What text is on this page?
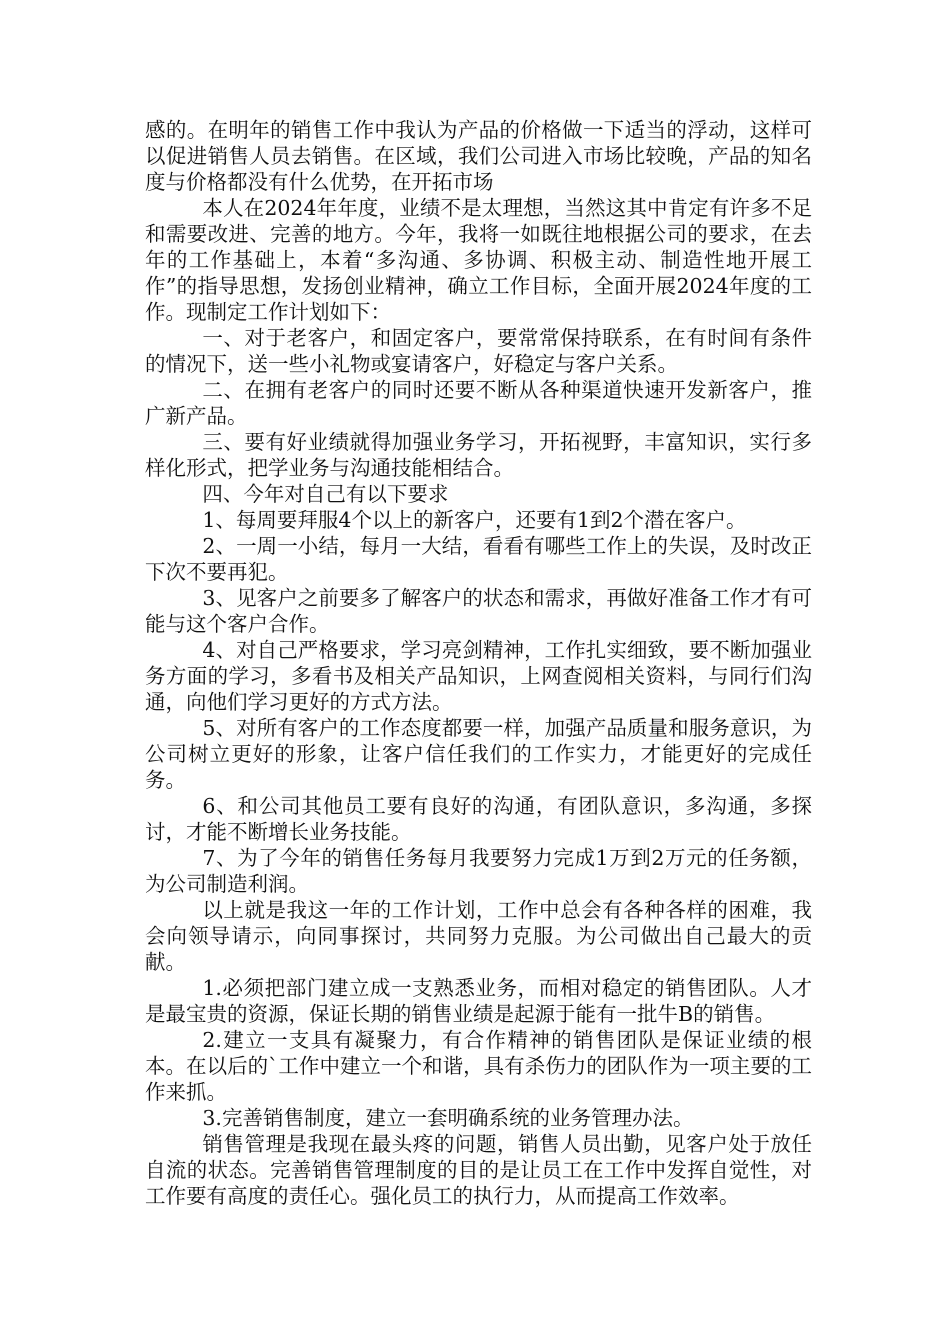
感的。在明年的销售工作中我认为产品的价格做一下适当的浮动，这样可以促进销售人员去销售。在区域，我们公司进入市场比较晚，产品的知名度与价格都没有什么优势，在开拓市场

本人在2024年年度，业绩不是太理想，当然这其中肯定有许多不足和需要改进、完善的地方。今年，我将一如既往地根据公司的要求，在去年的工作基础上，本着“多沟通、多协调、积极主动、制造性地开展工作”的指导思想，发扬创业精神，确立工作目标，全面开展2024年度的工作。现制定工作计划如下：

一、对于老客户，和固定客户，要常常保持联系，在有时间有条件的情况下，送一些小礼物或宴请客户，好稳定与客户关系。

二、在拥有老客户的同时还要不断从各种渠道快速开发新客户，推广新产品。

三、要有好业绩就得加强业务学习，开拓视野，丰富知识，实行多样化形式，把学业务与沟通技能相结合。

四、今年对自己有以下要求

1、每周要拜服4个以上的新客户，还要有1到2个潜在客户。

2、一周一小结，每月一大结，看看有哪些工作上的失误，及时改正下次不要再犯。

3、见客户之前要多了解客户的状态和需求，再做好准备工作才有可能与这个客户合作。

4、对自己严格要求，学习亮剑精神，工作扎实细致，要不断加强业务方面的学习，多看书及相关产品知识，上网查阅相关资料，与同行们沟通，向他们学习更好的方式方法。

5、对所有客户的工作态度都要一样，加强产品质量和服务意识，为公司树立更好的形象，让客户信任我们的工作实力，才能更好的完成任务。

6、和公司其他员工要有良好的沟通，有团队意识，多沟通，多探讨，才能不断增长业务技能。

7、为了今年的销售任务每月我要努力完成1万到2万元的任务额，为公司制造利润。

以上就是我这一年的工作计划，工作中总会有各种各样的困难，我会向领导请示，向同事探讨，共同努力克服。为公司做出自己最大的贡献。

1.必须把部门建立成一支熟悉业务，而相对稳定的销售团队。人才是最宝贵的资源，保证长期的销售业绩是起源于能有一批牛B的销售。

2.建立一支具有凝聚力，有合作精神的销售团队是保证业绩的根本。在以后的`工作中建立一个和谐，具有杀伤力的团队作为一项主要的工作来抓。

3.完善销售制度，建立一套明确系统的业务管理办法。

销售管理是我现在最头疼的问题，销售人员出勤，见客户处于放任自流的状态。完善销售管理制度的目的是让员工在工作中发挥自觉性，对工作要有高度的责任心。强化员工的执行力，从而提高工作效率。
